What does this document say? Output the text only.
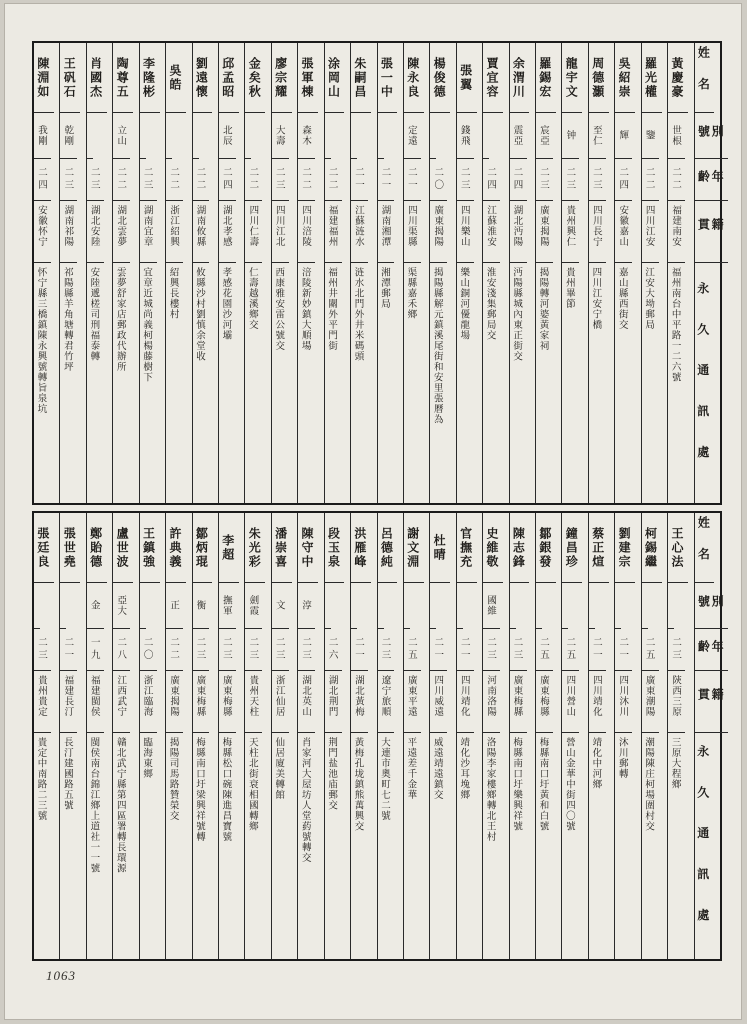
姓名
別號
年齡
籍貫
永久通訊處
黃慶豪
世根
二二
福建南安
福州南台中平路一二六號
羅光權
鑒
二二
四川江安
江安大坳郵局
吳紹崇
輝
二四
安徽嘉山
嘉山縣西街交
周德灝
至仁
二三
四川長宁
四川江安宁橋
龍宇文
钟
二三
貴州興仁
貴州畢節
羅錫宏
宸亞
二三
廣東揭陽
揭陽轉河婆黃家祠
余渭川
震亞
二四
湖北沔陽
沔陽縣城內東正街交
賈宜容
二四
江蘇淮安
淮安淺集郵局交
張翼
錢飛
二三
四川樂山
樂山銅河優龍場
楊俊德
二〇
廣東揭陽
揭陽縣解元鎮溪尾街和安里張曆為
陳永良
定遠
二一
四川渠縣
渠縣嘉禾鄉
張一中
二一
湖南湘潭
湘潭郵局
朱嗣昌
二一
江蘇涟水
涟水北門外井米碼頭
涂岡山
二二
福建福州
福州井關外平門街
張軍棟
森木
二二
四川涪陵
涪陵新妙鎮大順場
廖宗耀
大壽
二三
四川江北
西康雅安雷公號交
金矣秋
二二
四川仁壽
仁壽越溪鄉交
邱孟昭
北辰
二四
湖北孝感
孝感花園沙河壩
劉遠懷
二二
湖南攸縣
攸縣沙村劉慎余堂收
吳皓
二二
浙江紹興
紹興長樓村
李隆彬
二三
湖南宜章
宜章近城尚義柯楊藤樹下
陶尊五
立山
二二
湖北雲夢
雲夢舒家店郵政代辦所
肖國杰
二三
湖北安陸
安陸遞槎司刑福泰轉
王矾石
乾剛
二三
湖南祁陽
祁陽縣羊角塘轉君竹坪
陳淵如
我剛
二四
安徽怀宁
怀宁縣三橋鎮陳永興號轉旨泉坑
姓名
別號
年齡
籍貫
永久通訊處
王心法
二三
陝西三原
三原大程鄉
柯錫繼
二五
廣東潮陽
潮陽陳庄柯場圍村交
劉建宗
二一
四川沐川
沐川郵轉
蔡正煊
二一
四川靖化
靖化中河鄉
鐘昌珍
二五
四川營山
營山金華中街四〇號
鄒銀發
二五
廣東梅縣
梅縣南口圩黃和白號
陳志鋒
二三
廣東梅縣
梅縣南口圩樂興祥號
史維敬
國維
二三
河南洛陽
洛陽李家樓鄉轉北王村
官撫充
二一
四川靖化
靖化沙耳堍鄉
杜晴
二一
四川威遠
威遠靖遠鎮交
謝文淵
二五
廣東平遠
平遠差千金華
呂德純
二三
遼宁旅順
大連市奧町七二號
洪雁峰
二一
湖北黃梅
黃梅孔垅鎮熊萬興交
段玉泉
二六
湖北荆門
荆門盐池庙郵交
陳守中
淳
二三
湖北英山
肖家河大屋坊人堂葯號轉交
潘崇喜
文
二三
浙江仙居
仙居廈美轉館
朱光彩
劍霞
二三
貴州天柱
天柱北街衰相國轉鄉
李超
撫軍
二三
廣東梅縣
梅縣松口碗陳進昌寶號
鄒炳琨
衡
二三
廣東梅縣
梅縣南口圩梁興祥號轉
許典義
正
二二
廣東揭陽
揭陽司馬路贊榮交
王鎮強
二〇
浙江臨海
臨海東鄉
盧世波
亞大
二八
江西武宁
贛北武宁縣第四區署轉長環源
鄭貽德
金
一九
福建閩侯
閩侯南台錦江鄉上道社一一號
張世堯
二一
福建長汀
長汀建國路五號
張廷良
二三
貴州貴定
貴定中南路二三號
1063
